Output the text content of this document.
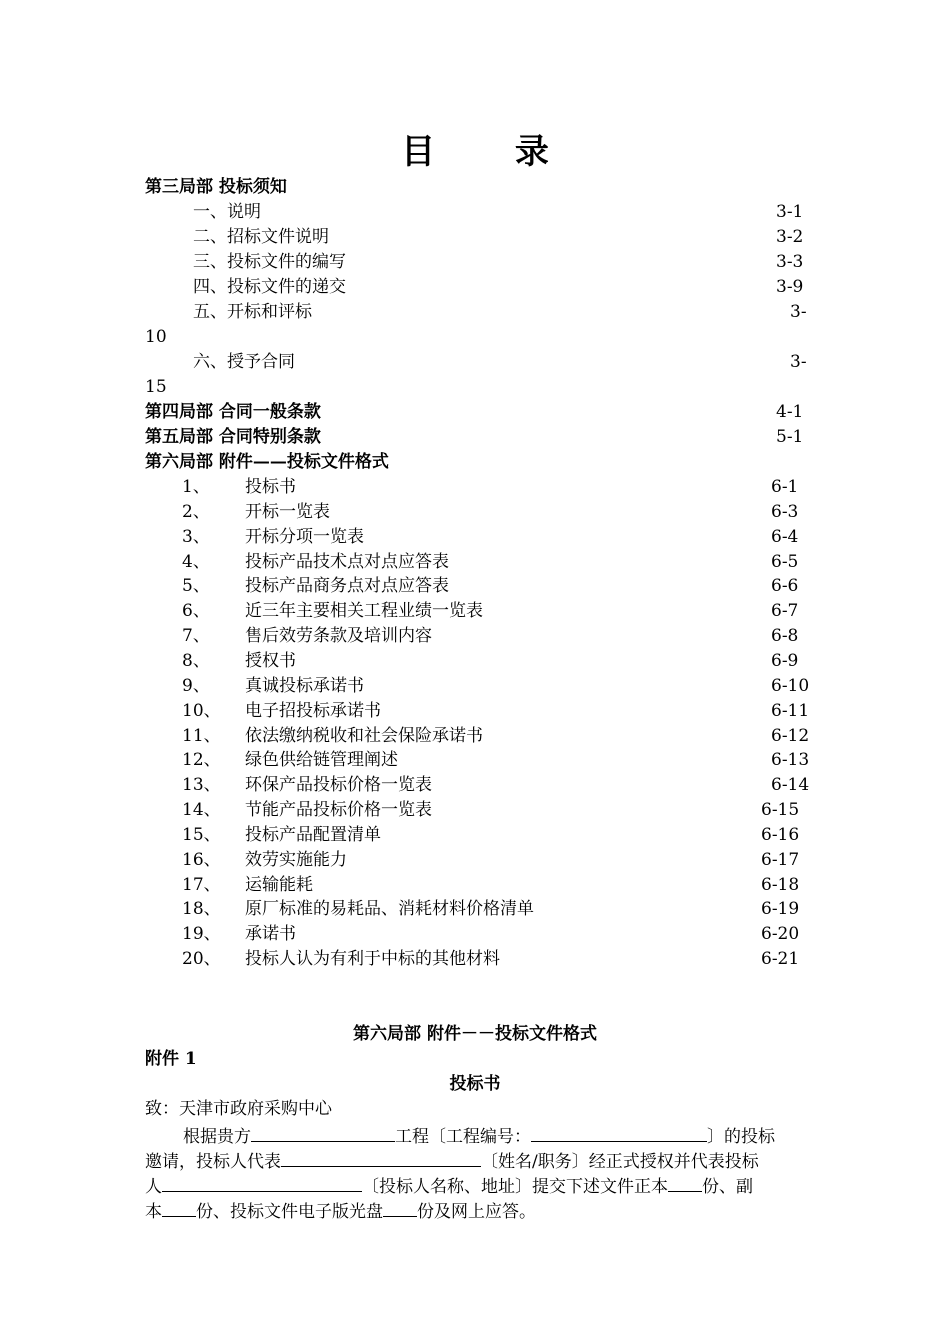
目 录
第三局部 投标须知
一、说明	3-1
二、招标文件说明	3-2
三、投标文件的编写	3-3
四、投标文件的递交	3-9
五、开标和评标	3-
10
六、授予合同	3-
15
第四局部 合同一般条款	4-1
第五局部 合同特别条款	5-1
第六局部 附件——投标文件格式
1、 投标书	6-1
2、 开标一览表	6-3
3、 开标分项一览表	6-4
4、 投标产品技术点对点应答表	6-5
5、 投标产品商务点对点应答表	6-6
6、 近三年主要相关工程业绩一览表	6-7
7、 售后效劳条款及培训内容	6-8
8、 授权书	6-9
9、 真诚投标承诺书	6-10
10、 电子招投标承诺书	6-11
11、 依法缴纳税收和社会保险承诺书	6-12
12、 绿色供给链管理阐述	6-13
13、 环保产品投标价格一览表	6-14
14、 节能产品投标价格一览表	6-15
15、 投标产品配置清单	6-16
16、 效劳实施能力	6-17
17、 运输能耗	6-18
18、 原厂标准的易耗品、消耗材料价格清单	6-19
19、 承诺书	6-20
20、 投标人认为有利于中标的其他材料	6-21
第六局部 附件－－投标文件格式
附件 1
投标书
致：天津市政府采购中心
根据贵方	工程〔工程编号：	〕的投标
邀请，投标人代表	〔姓名/职务〕经正式授权并代表投标
人	〔投标人名称、地址〕提交下述文件正本 份、副
本 份、投标文件电子版光盘 份及网上应答。
